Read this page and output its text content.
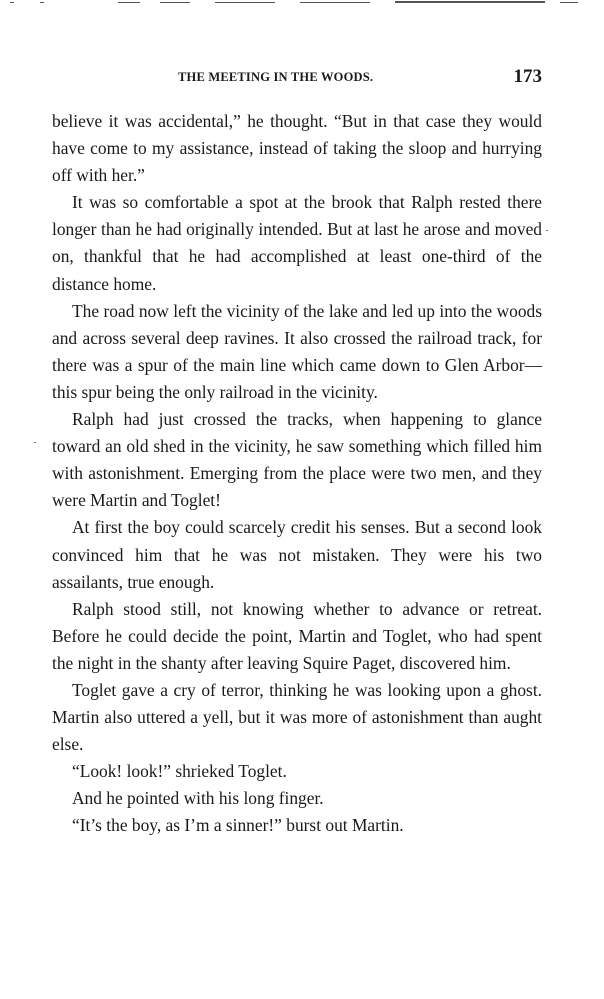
THE MEETING IN THE WOODS.	173

believe it was accidental,” he thought. “But in that case they would have come to my assistance, instead of taking the sloop and hurrying off with her.”

It was so comfortable a spot at the brook that Ralph rested there longer than he had originally intended. But at last he arose and moved on, thankful that he had accomplished at least one-third of the distance home.

The road now left the vicinity of the lake and led up into the woods and across several deep ravines. It also crossed the railroad track, for there was a spur of the main line which came down to Glen Arbor—this spur being the only railroad in the vicinity.

Ralph had just crossed the tracks, when happening to glance toward an old shed in the vicinity, he saw something which filled him with astonishment. Emerging from the place were two men, and they were Martin and Toglet!

At first the boy could scarcely credit his senses. But a second look convinced him that he was not mistaken. They were his two assailants, true enough.

Ralph stood still, not knowing whether to advance or retreat. Before he could decide the point, Martin and Toglet, who had spent the night in the shanty after leaving Squire Paget, discovered him.

Toglet gave a cry of terror, thinking he was looking upon a ghost. Martin also uttered a yell, but it was more of astonishment than aught else.

“Look! look!” shrieked Toglet.

And he pointed with his long finger.

“It’s the boy, as I’m a sinner!” burst out Martin.
